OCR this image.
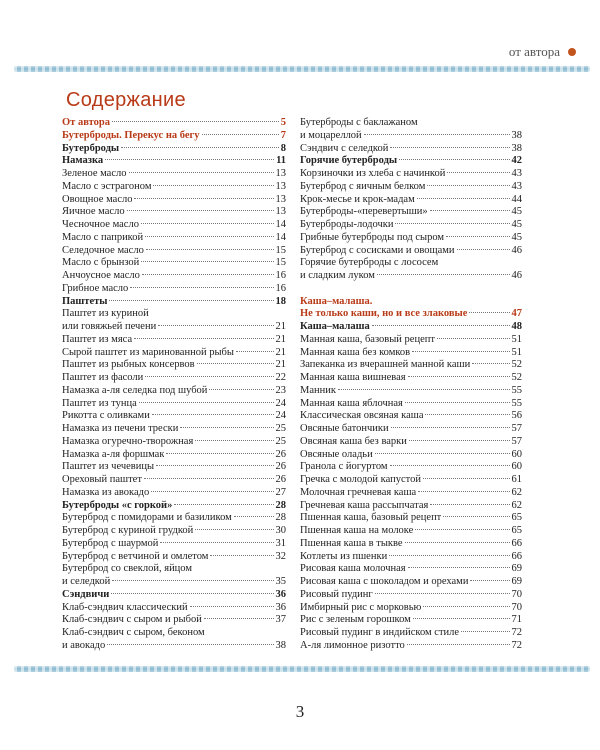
от автора
Содержание
От автора	5
Бутерброды. Перекус на бегу	7
Бутерброды	8
Намазка	11
Зеленое масло	13
Масло с эстрагоном	13
Овощное масло	13
Яичное масло	13
Чесночное масло	14
Масло с паприкой	14
Селедочное масло	15
Масло с брынзой	15
Анчоусное масло	16
Грибное масло	16
Паштеты	18
Паштет из куриной
или говяжьей печени	21
Паштет из мяса	21
Сырой паштет из маринованной рыбы	21
Паштет из рыбных консервов	21
Паштет из фасоли	22
Намазка а-ля селедка под шубой	23
Паштет из тунца	24
Рикотта с оливками	24
Намазка из печени трески	25
Намазка огуречно-творожная	25
Намазка а-ля форшмак	26
Паштет из чечевицы	26
Ореховый паштет	26
Намазка из авокадо	27
Бутерброды «с горкой»	28
Бутерброд с помидорами и базиликом	28
Бутерброд с куриной грудкой	30
Бутерброд с шаурмой	31
Бутерброд с ветчиной и омлетом	32
Бутерброд со свеклой, яйцом
и селедкой	35
Сэндвичи	36
Клаб-сэндвич классический	36
Клаб-сэндвич с сыром и рыбой	37
Клаб-сэндвич с сыром, беконом
и авокадо	38
Бутерброды с баклажаном
и моцареллой	38
Сэндвич с селедкой	38
Горячие бутерброды	42
Корзиночки из хлеба с начинкой	43
Бутерброд с яичным белком	43
Крок-месье и крок-мадам	44
Бутерброды-«перевертыши»	45
Бутерброды-лодочки	45
Грибные бутерброды под сыром	45
Бутерброд с сосисками и овощами	46
Горячие бутерброды с лососем
и сладким луком	46
Каша–малаша.
Не только каши, но и все злаковые	47
Каша–малаша	48
Манная каша, базовый рецепт	51
Манная каша без комков	51
Запеканка из вчерашней манной каши	52
Манная каша вишневая	52
Манник	55
Манная каша яблочная	55
Классическая овсяная каша	56
Овсяные батончики	57
Овсяная каша без варки	57
Овсяные оладьи	60
Гранола с йогуртом	60
Гречка с молодой капустой	61
Молочная гречневая каша	62
Гречневая каша рассыпчатая	62
Пшенная каша, базовый рецепт	65
Пшенная каша на молоке	65
Пшенная каша в тыкве	66
Котлеты из пшенки	66
Рисовая каша молочная	69
Рисовая каша с шоколадом и орехами	69
Рисовый пудинг	70
Имбирный рис с морковью	70
Рис с зеленым горошком	71
Рисовый пудинг в индийском стиле	72
А-ля лимонное ризотто	72
3
